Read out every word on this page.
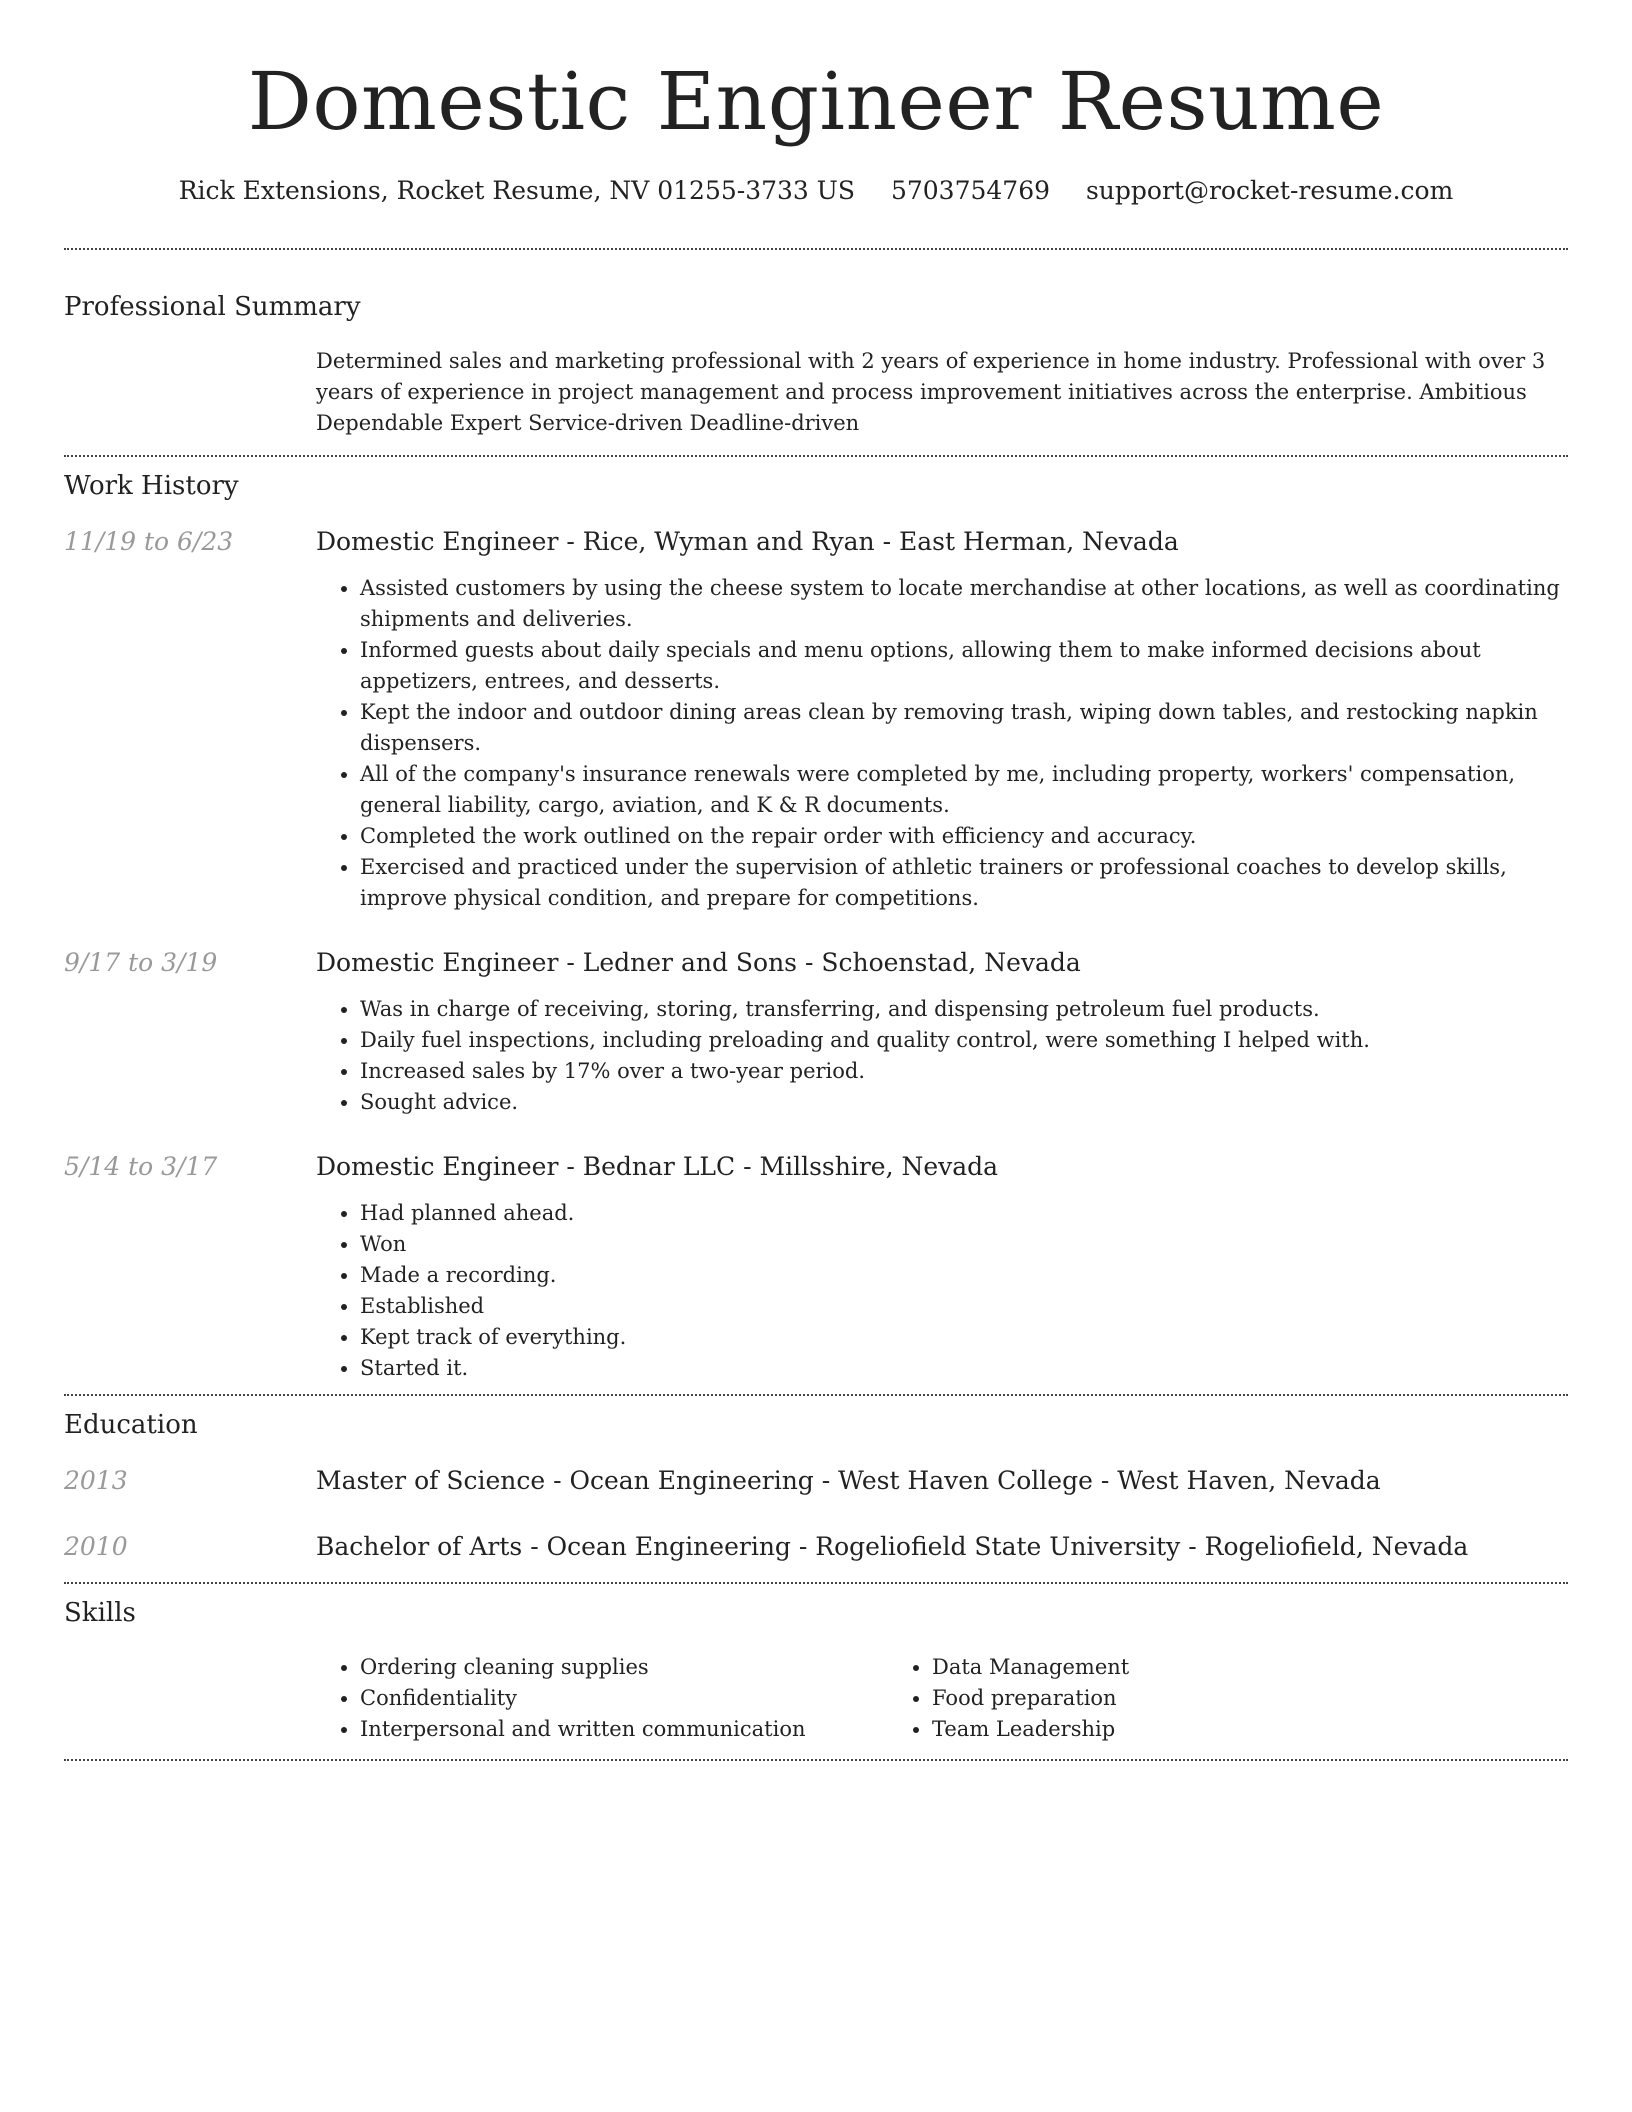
Domestic Engineer Resume
Rick Extensions, Rocket Resume, NV 01255-3733 US 5703754769 support@rocket-resume.com
Professional Summary
Determined sales and marketing professional with 2 years of experience in home industry. Professional with over 3 years of experience in project management and process improvement initiatives across the enterprise. Ambitious Dependable Expert Service-driven Deadline-driven
Work History
11/19 to 6/23	Domestic Engineer - Rice, Wyman and Ryan - East Herman, Nevada
• Assisted customers by using the cheese system to locate merchandise at other locations, as well as coordinating shipments and deliveries.
• Informed guests about daily specials and menu options, allowing them to make informed decisions about appetizers, entrees, and desserts.
• Kept the indoor and outdoor dining areas clean by removing trash, wiping down tables, and restocking napkin dispensers.
• All of the company's insurance renewals were completed by me, including property, workers' compensation, general liability, cargo, aviation, and K & R documents.
• Completed the work outlined on the repair order with efficiency and accuracy.
• Exercised and practiced under the supervision of athletic trainers or professional coaches to develop skills, improve physical condition, and prepare for competitions.
9/17 to 3/19	Domestic Engineer - Ledner and Sons - Schoenstad, Nevada
• Was in charge of receiving, storing, transferring, and dispensing petroleum fuel products.
• Daily fuel inspections, including preloading and quality control, were something I helped with.
• Increased sales by 17% over a two-year period.
• Sought advice.
5/14 to 3/17	Domestic Engineer - Bednar LLC - Millsshire, Nevada
• Had planned ahead.
• Won
• Made a recording.
• Established
• Kept track of everything.
• Started it.
Education
2013	Master of Science - Ocean Engineering - West Haven College - West Haven, Nevada
2010	Bachelor of Arts - Ocean Engineering - Rogeliofield State University - Rogeliofield, Nevada
Skills
• Ordering cleaning supplies
• Confidentiality
• Interpersonal and written communication
• Data Management
• Food preparation
• Team Leadership
